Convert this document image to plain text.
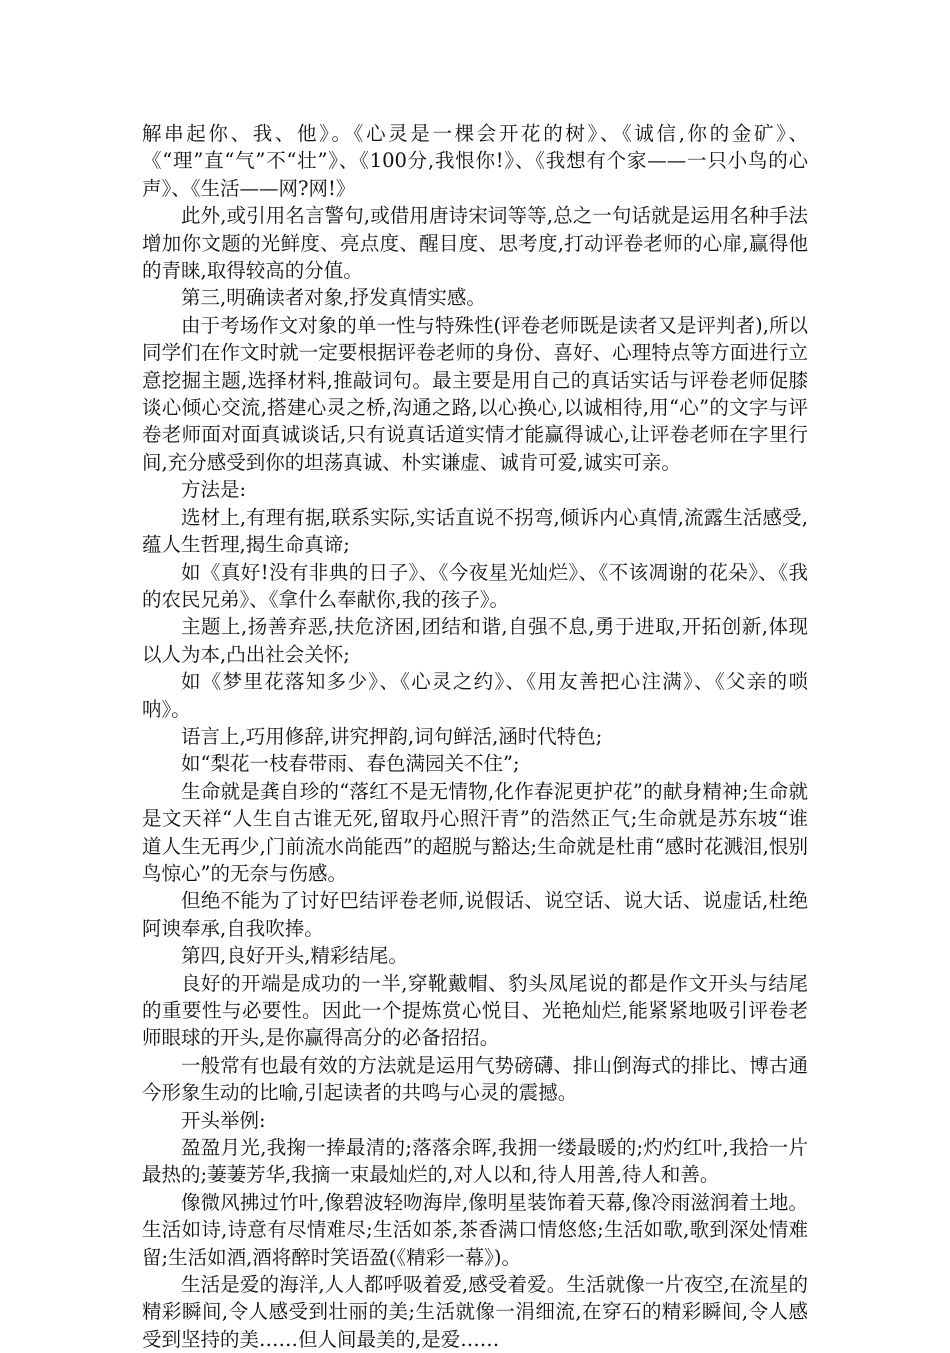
解串起你、我、他》。《心灵是一棵会开花的树》、《诚信,你的金矿》、《“理”直“气”不“壮”》、《100分,我恨你!》、《我想有个家——一只小鸟的心声》、《生活——网?网!》

此外,或引用名言警句,或借用唐诗宋词等等,总之一句话就是运用名种手法增加你文题的光鲜度、亮点度、醒目度、思考度,打动评卷老师的心扉,赢得他的青睐,取得较高的分值。

第三,明确读者对象,抒发真情实感。

由于考场作文对象的单一性与特殊性(评卷老师既是读者又是评判者),所以同学们在作文时就一定要根据评卷老师的身份、喜好、心理特点等方面进行立意挖掘主题,选择材料,推敲词句。最主要是用自己的真话实话与评卷老师促膝谈心倾心交流,搭建心灵之桥,沟通之路,以心换心,以诚相待,用“心”的文字与评卷老师面对面真诚谈话,只有说真话道实情才能赢得诚心,让评卷老师在字里行间,充分感受到你的坦荡真诚、朴实谦虚、诚肯可爱,诚实可亲。

方法是:

选材上,有理有据,联系实际,实话直说不拐弯,倾诉内心真情,流露生活感受,蕴人生哲理,揭生命真谛;

如《真好!没有非典的日子》、《今夜星光灿烂》、《不该凋谢的花朵》、《我的农民兄弟》、《拿什么奉献你,我的孩子》。

主题上,扬善弃恶,扶危济困,团结和谐,自强不息,勇于进取,开拓创新,体现以人为本,凸出社会关怀;

如《梦里花落知多少》、《心灵之约》、《用友善把心注满》、《父亲的唢呐》。

语言上,巧用修辞,讲究押韵,词句鲜活,涵时代特色;

如“梨花一枝春带雨、春色满园关不住”;

生命就是龚自珍的“落红不是无情物,化作春泥更护花”的献身精神;生命就是文天祥“人生自古谁无死,留取丹心照汗青”的浩然正气;生命就是苏东坡“谁道人生无再少,门前流水尚能西”的超脱与豁达;生命就是杜甫“感时花溅泪,恨别鸟惊心”的无奈与伤感。

但绝不能为了讨好巴结评卷老师,说假话、说空话、说大话、说虚话,杜绝阿谀奉承,自我吹捧。

第四,良好开头,精彩结尾。

良好的开端是成功的一半,穿靴戴帽、豹头凤尾说的都是作文开头与结尾的重要性与必要性。因此一个提炼赏心悦目、光艳灿烂,能紧紧地吸引评卷老师眼球的开头,是你赢得高分的必备招招。

一般常有也最有效的方法就是运用气势磅礴、排山倒海式的排比、博古通今形象生动的比喻,引起读者的共鸣与心灵的震撼。

开头举例:

盈盈月光,我掬一捧最清的;落落余晖,我拥一缕最暖的;灼灼红叶,我拾一片最热的;萋萋芳华,我摘一束最灿烂的,对人以和,待人用善,待人和善。

像微风拂过竹叶,像碧波轻吻海岸,像明星装饰着天幕,像冷雨滋润着土地。生活如诗,诗意有尽情难尽;生活如茶,茶香满口情悠悠;生活如歌,歌到深处情难留;生活如酒,酒将醉时笑语盈(《精彩一幕》)。

生活是爱的海洋,人人都呼吸着爱,感受着爱。生活就像一片夜空,在流星的精彩瞬间,令人感受到壮丽的美;生活就像一涓细流,在穿石的精彩瞬间,令人感受到坚持的美……但人间最美的,是爱……
